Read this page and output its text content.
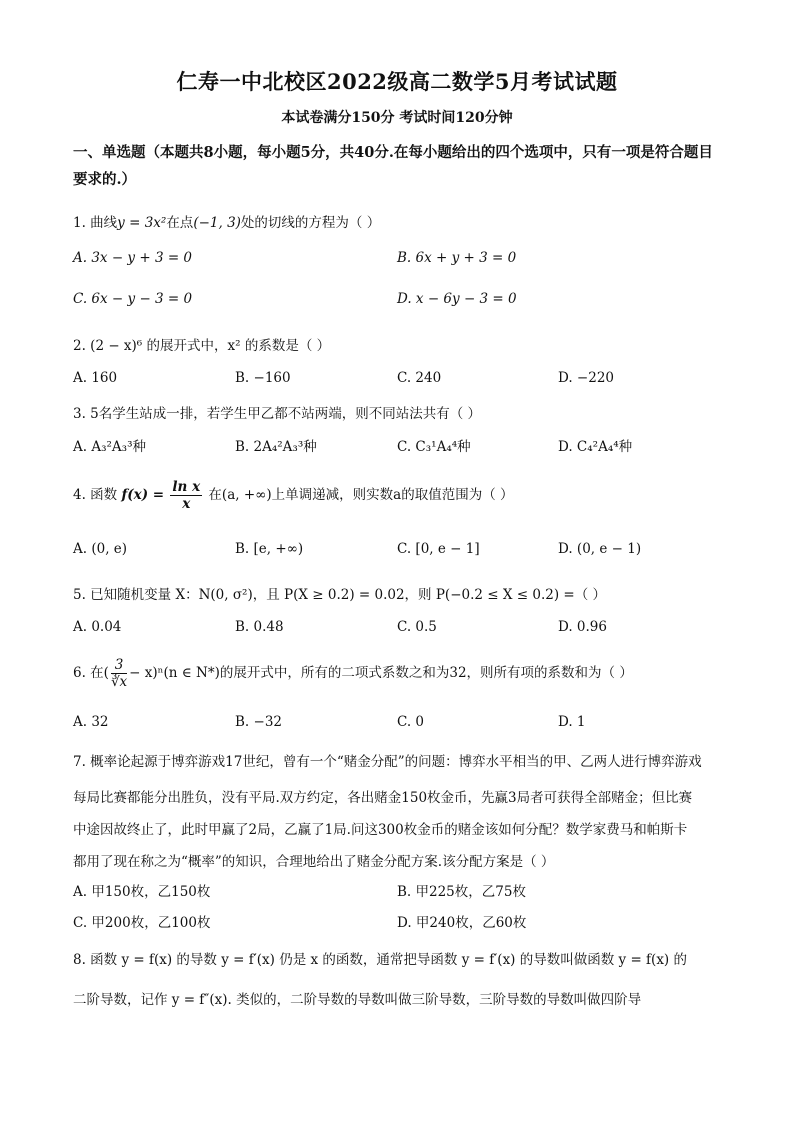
仁寿一中北校区2022级高二数学5月考试试题
本试卷满分150分 考试时间120分钟
一、单选题（本题共8小题，每小题5分，共40分.在每小题给出的四个选项中，只有一项是符合题目要求的.）
1. 曲线y = 3x²在点(−1, 3)处的切线的方程为（ ）
A. 3x − y + 3 = 0	B. 6x + y + 3 = 0
C. 6x − y − 3 = 0	D. x − 6y − 3 = 0
2. (2 − x)⁶ 的展开式中，x² 的系数是（ ）
A. 160	B. −160	C. 240	D. −220
3. 5名学生站成一排，若学生甲乙都不站两端，则不同站法共有（ ）
A. A₃²A₃³种	B. 2A₄²A₃³种	C. C₃¹A₄⁴种	D. C₄²A₄⁴种
4. 函数 $f(x) = \frac{\text{ln x}}{x}$ 在(a, +∞)上单调递减，则实数a的取值范围为（ ）
A. (0, e)	B. [e, +∞)	C. [0, e − 1]	D. (0, e − 1)
5. 已知随机变量 X：N(0, σ²)，且 P(X ≥ 0.2) = 0.02，则 P(−0.2 ≤ X ≤ 0.2) =（ ）
A. 0.04	B. 0.48	C. 0.5	D. 0.96
6. 在( $\frac{3}{∛x} - x)^n(n$ ∈ N*)的展开式中，所有的二项式系数之和为32，则所有项的系数和为（ ）
A. 32	B. −32	C. 0	D. 1
7. 概率论起源于博弈游戏17世纪，曾有一个“赌金分配”的问题：博弈水平相当的甲、乙两人进行博弈游戏
每局比赛都能分出胜负，没有平局.双方约定，各出赌金150枚金币，先赢3局者可获得全部赌金；但比赛
中途因故终止了，此时甲赢了2局，乙赢了1局.问这300枚金币的赌金该如何分配？数学家费马和帕斯卡
都用了现在称之为“概率”的知识，合理地给出了赌金分配方案.该分配方案是（ ）
A. 甲150枚，乙150枚	B. 甲225枚，乙75枚
C. 甲200枚，乙100枚	D. 甲240枚，乙60枚
8. 函数 y = f(x) 的导数 y = f′(x) 仍是 x 的函数，通常把导函数 y = f′(x) 的导数叫做函数 y = f(x) 的
二阶导数，记作 y = f″(x). 类似的，二阶导数的导数叫做三阶导数，三阶导数的导数叫做四阶导
